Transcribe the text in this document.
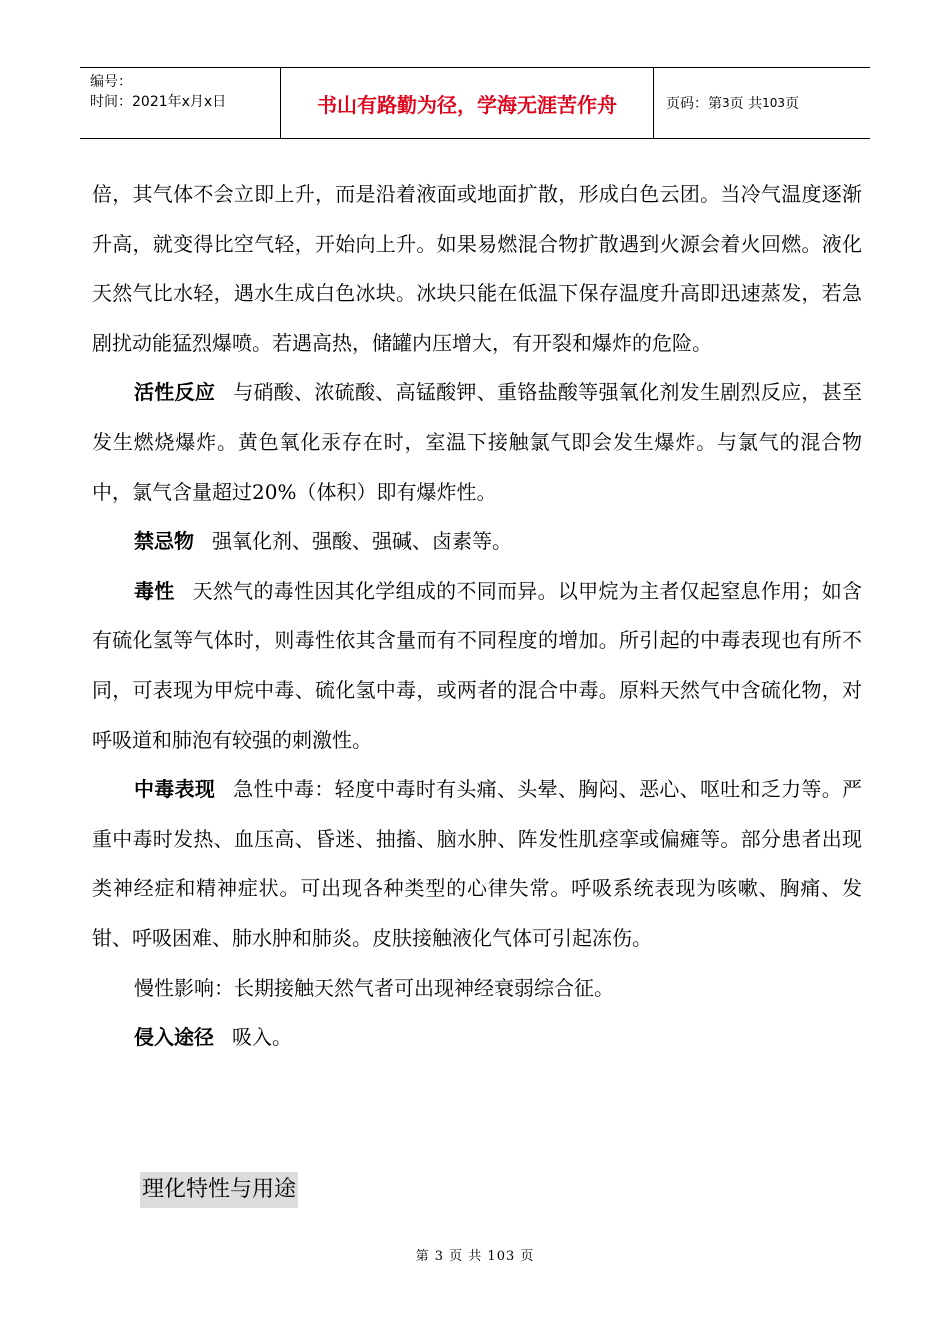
编号：
时间：2021年x月x日	书山有路勤为径，学海无涯苦作舟	页码：第 3 页 共 103 页

倍，其气体不会立即上升，而是沿着液面或地面扩散，形成白色云团。当冷气温度逐渐升高，就变得比空气轻，开始向上升。如果易燃混合物扩散遇到火源会着火回燃。液化天然气比水轻，遇水生成白色冰块。冰块只能在低温下保存温度升高即迅速蒸发，若急剧扰动能猛烈爆喷。若遇高热，储罐内压增大，有开裂和爆炸的危险。

活性反应 与硝酸、浓硫酸、高锰酸钾、重铬盐酸等强氧化剂发生剧烈反应，甚至发生燃烧爆炸。黄色氧化汞存在时，室温下接触氯气即会发生爆炸。与氯气的混合物中，氯气含量超过20%（体积）即有爆炸性。

禁忌物 强氧化剂、强酸、强碱、卤素等。

毒性 天然气的毒性因其化学组成的不同而异。以甲烷为主者仅起窒息作用；如含有硫化氢等气体时，则毒性依其含量而有不同程度的增加。所引起的中毒表现也有所不同，可表现为甲烷中毒、硫化氢中毒，或两者的混合中毒。原料天然气中含硫化物，对呼吸道和肺泡有较强的刺激性。

中毒表现 急性中毒：轻度中毒时有头痛、头晕、胸闷、恶心、呕吐和乏力等。严重中毒时发热、血压高、昏迷、抽搐、脑水肿、阵发性肌痉挛或偏瘫等。部分患者出现类神经症和精神症状。可出现各种类型的心律失常。呼吸系统表现为咳嗽、胸痛、发钳、呼吸困难、肺水肿和肺炎。皮肤接触液化气体可引起冻伤。

慢性影响：长期接触天然气者可出现神经衰弱综合征。

侵入途径 吸入。

理化特性与用途
第 3 页 共 103 页
